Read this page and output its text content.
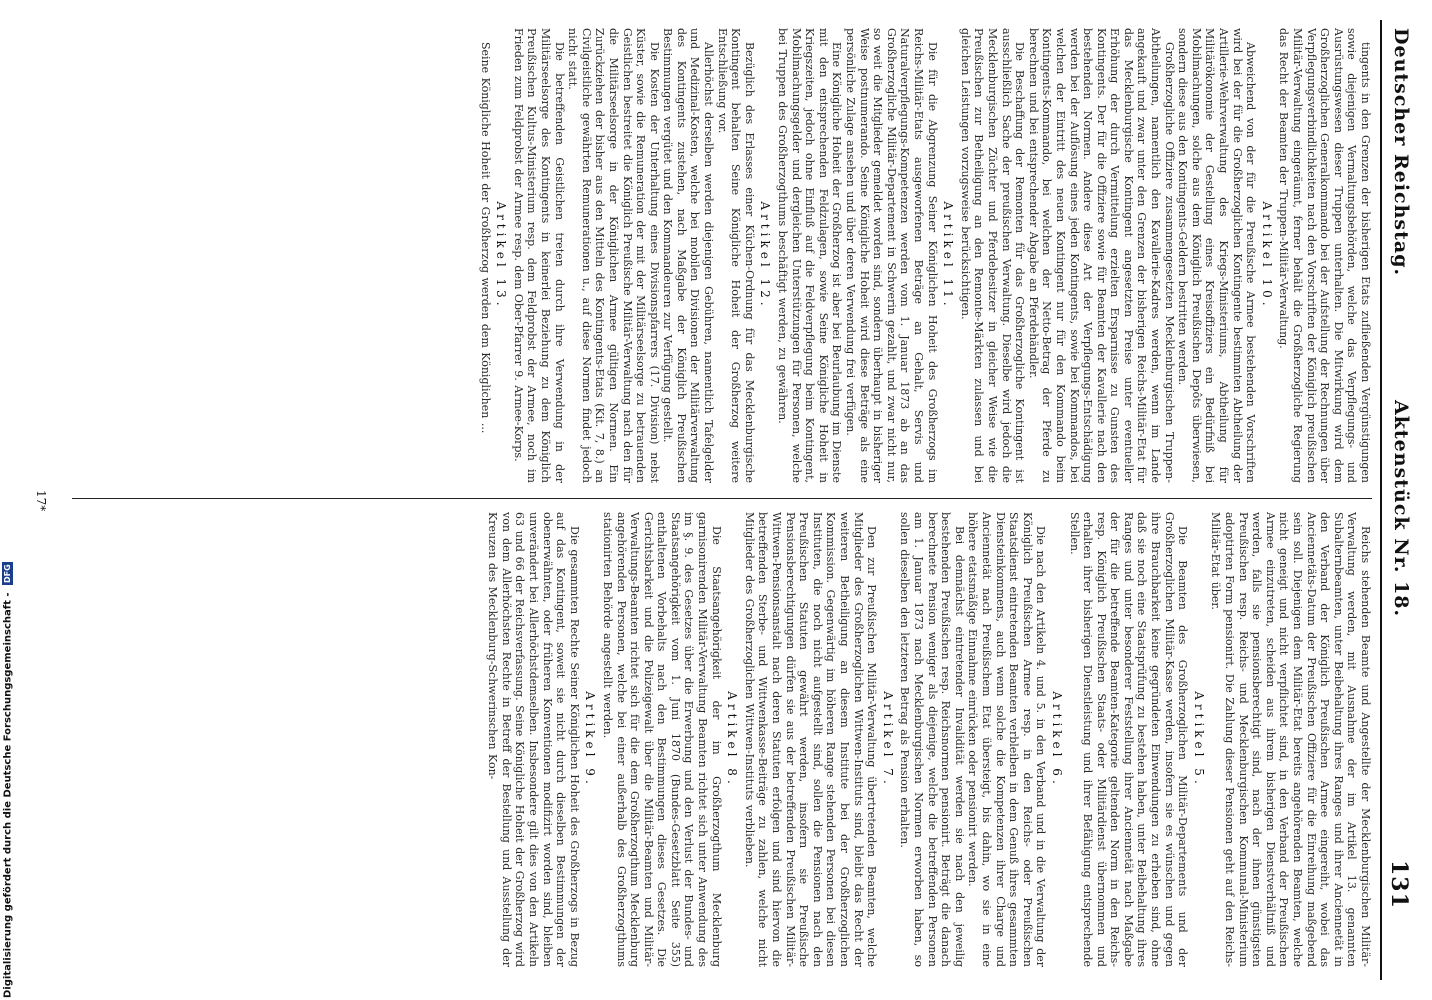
Deutscher Reichstag.
Aktenstück Nr. 18.
131

tingents in den Grenzen der bisherigen Etats zufließenden Vergünstigungen sowie diejenigen Vermaltungsbehörden, welche das Verpflegungs- und Ausrüstungswesen dieser Truppen unterhalten. Die Mitwirkung wird dem Großherzoglichen Generalkommando bei der Aufstellung der Rechnungen über Verpflegungsverbindlichkeiten nach den Vorschriften der Königlich preußischen Militär-Verwaltung eingeräumt, ferner behält die Großherzogliche Regierung das Recht der Beamten der Truppen-Militär-Verwaltung.

Artikel 10.

Abweichend von der für die Preußische Armee bestehenden Vorschriften wird bei der für die Großherzoglichen Kontingente bestimmten Abtheilung der Artillerie-Wehrverwaltung des Kriegs-Ministeriums, Abtheilung für Militärökonomie der Gestellung eines Kreisoffiziers ein Bedürfniß bei Mobilmachungen, solche aus dem Königlich Preußischen Depôts überwiesen, sondern diese aus den Kontingents-Geldern bestritten werden.

Großherzogliche Offiziere zusammengesetzten Mecklenburgischen Truppen-Abtheilungen, namentlich den Kavallerie-Kadres werden, wenn im Lande angekauft und zwar unter den Grenzen der bisherigen Reichs-Militär-Etat für das Mecklenburgische Kontingent angesetzten Preise unter eventueller Erhöhung der durch Vermittelung erzielten Ersparnisse zu Gunsten des Kontingents. Der für die Offiziere sowie für Beamten der Kavallerie nach den bestehenden Normen. Andere diese Art der Verpflegungs-Entschädigung werden bei der Auflösung eines jeden Kontingents, sowie bei Kommandos, bei welchen der Eintritt des neuen Kontingent nur für den Kommando beim Kontingents-Kommando, bei welchen der Netto-Betrag der Pferde zu berechnen und bei entsprechender Abgabe an Pferdehändler.

Die Beschaffung der Remonten für das Großherzogliche Kontingent ist ausschließlich Sache der preußischen Verwaltung. Dieselbe wird jedoch die Mecklenburgischen Züchter und Pferdebesitzer in gleicher Weise wie die Preußischen zur Betheiligung an den Remonte-Märkten zulassen und bei gleichen Leistungen vorzugsweise berücksichtigen.

Artikel 11.

Die für die Abgrenzung Seiner Königlichen Hoheit des Großherzogs im Reichs-Militär-Etats ausgeworfenen Beträge an Gehalt, Servis und Naturalverpflegungs-Kompetenzen werden vom 1. Januar 1873 ab an das Großherzogliche Militär-Departement in Schwerin gezahlt, und zwar nicht nur, so weit die Mitglieder gemeldet worden sind, sondern überhaupt in bisheriger Weise postnumerando. Seine Königliche Hoheit wird diese Beträge als eine persönliche Zulage ansehen und über deren Verwendung frei verfügen.

Eine Königliche Hoheit der Großherzog ist aber bei Beurlaubung im Dienste mit den entsprechenden Feldzulagen, sowie Seine Königliche Hoheit in Kriegszeiten, jedoch ohne Einfluß auf die Feldverpflegung beim Kontingent, Mobilmachungsgelder und dergleichen Unterstützungen für Personen, welche bei Truppen des Großherzogthums beschäftigt werden, zu gewähren.

Artikel 12.

Bezüglich des Erlasses einer Küchen-Ordnung für das Mecklenburgische Kontingent behalten Seine Königliche Hoheit der Großherzog weitere Entschließung vor.

Allerhöchst derselben werden diejenigen Gebühren, namentlich Tafelgelder und Medizinal-Kosten, welche bei mobilen Divisionen der Militärverwaltung des Kontingents zustehen, nach Maßgabe der Königlich Preußischen Bestimmungen vergütet und den Kommandeuren zur Verfügung gestellt.

Die Kosten der Unterhaltung eines Divisionspfarrers (17. Division) nebst Küster, sowie die Remuneration der mit der Militärseelsorge zu betrauenden Geistlichen bestreitet die Königlich Preußische Militär-Verwaltung nach den für die Militärseelsorge in der Königlichen Armee gültigen Normen. Ein Zurückziehen der bisher aus den Mitteln des Kontingents-Etats (Kit. 7, 8.) an Civilgeistliche gewährten Remunerationen u., auf diese Normen findet jedoch nicht statt.

Die betreffenden Geistlichen treten durch ihre Verwendung in der Militärseelsorge des Kontingents in keinerlei Beziehung zu dem Königlich Preußischen Kultus-Ministerium resp. dem Feldprobst der Armee, noch im Frieden zum Feldprobst der Armee resp. dem Ober-Pfarrer 9. Armee-Korps.

Artikel 13.

Seine Königliche Hoheit der Großherzog werden dem Königlichen ...

Reichs stehenden Beamte und Angestellte der Mecklenburgischen Militär-Verwaltung werden, mit Ausnahme der im Artikel 13. genannten Subalternbeamten, unter Beibehaltung ihres Ranges und ihrer Anciennetät in den Verband der Königlich Preußischen Armee eingereiht, wobei das Anciennetäts-Datum der Preußischen Offiziere für die Einreihung maßgebend sein soll. Diejenigen dem Militär-Etat bereits angehörenden Beamten, welche nicht geneigt und nicht verpflichtet sind, in den Verband der Preußischen Armee einzutreten, scheiden aus ihrem bisherigen Dienstverhältniß und werden, falls sie pensionsberechtigt sind, nach der ihnen günstigsten Preußischen resp. Reichs- und Mecklenburgischen Kommunal-Ministerium adoptirten Form pensionirt. Die Zahlung dieser Pensionen geht auf den Reichs-Militär-Etat über.

Artikel 5.

Die Beamten des Großherzoglichen Militär-Departements und der Großherzoglichen Militär-Kasse werden, insofern sie es wünschen und gegen ihre Brauchbarkeit keine gegründeten Einwendungen zu erheben sind, ohne daß sie noch eine Staatsprüfung zu bestehen haben, unter Beibehaltung ihres Ranges und unter besonderer Feststellung ihrer Anciennetät nach Maßgabe der für die betreffende Beamten-Kategorie geltenden Norm in den Reichs- resp. Königlich Preußischen Staats- oder Militärdienst übernommen und erhalten ihrer bisherigen Dienstleistung und ihrer Befähigung entsprechende Stellen.

Artikel 6.

Die nach den Artikeln 4. und 5. in den Verband und in die Verwaltung der Königlich Preußischen Armee resp. in den Reichs- oder Preußischen Staatsdienst eintretenden Beamten verbleiben in dem Genuß ihres gesammten Diensteinkommens, auch wenn solche die Kompetenzen ihrer Charge und Anciennetät nach Preußischem Etat übersteigt, bis dahin, wo sie in eine höhere etatsmäßige Einnahme einrücken oder pensionirt werden.

Bei demnächst eintretender Invalidität werden sie nach den jeweilig bestehenden Preußischen resp. Reichsnormen pensionirt. Beträgt die danach berechnete Pension weniger als diejenige, welche die betreffenden Personen am 1. Januar 1873 nach Mecklenburgischen Normen erworben haben, so sollen dieselben den letzteren Betrag als Pension erhalten.

Artikel 7.

Den zur Preußischen Militär-Verwaltung übertretenden Beamten, welche Mitglieder des Großherzoglichen Wittwen-Instituts sind, bleibt das Recht der weiteren Betheiligung an diesem Institute bei der Großherzoglichen Kommission. Gegenwärtig im höheren Range stehenden Personen bei diesen Instituten, die noch nicht aufgestellt sind, sollen die Pensionen nach den Preußischen Statuten gewährt werden, insofern sie Preußische Pensionsberechtigungen dürfen sie aus der betreffenden Preußischen Militär-Wittwen-Pensionsanstalt nach deren Statuten erfolgen und sind hiervon die betreffenden Sterbe- und Wittwenkasse-Beiträge zu zahlen, welche nicht Mitglieder des Großherzoglichen Wittwen-Instituts verblieben.

Artikel 8.

Die Staatsangehörigkeit der im Großherzogthum Mecklenburg garnisonirenden Militär-Verwaltung Beamten richtet sich unter Anwendung des im §. 9. des Gesetzes über die Erwerbung und den Verlust der Bundes- und Staatsangehörigkeit vom 1. Juni 1870 (Bundes-Gesetzblatt Seite 355) enthaltenen Vorbehalts nach den Bestimmungen dieses Gesetzes. Die Gerichtsbarkeit und die Polizeigewalt über die Militär-Beamten und Militär-Verwaltungs-Beamten richtet sich für die dem Großherzogthum Mecklenburg angehörenden Personen, welche bei einer außerhalb des Großherzogthums stationirten Behörde angestellt werden.

Artikel 9.

Die gesammten Rechte Seiner Königlichen Hoheit des Großherzogs in Bezug auf das Kontingent, soweit sie nicht durch dieselben Bestimmungen der obenerwähnten, oder früheren Konventionen modifizirt worden sind, bleiben unverändert bei Allerhöchstdemselben. Insbesondere gilt dies von den Artikeln 63 und 66 der Reichsverfassung. Seine Königliche Hoheit der Großherzog wird von dem Allerhöchsten Rechte in Betreff der Bestellung und Ausstellung der Kreuzen des Mecklenburg-Schwerinschen Kon-

17*
Digitalisierung gefördert durch die Deutsche Forschungsgemeinschaft - DFG
